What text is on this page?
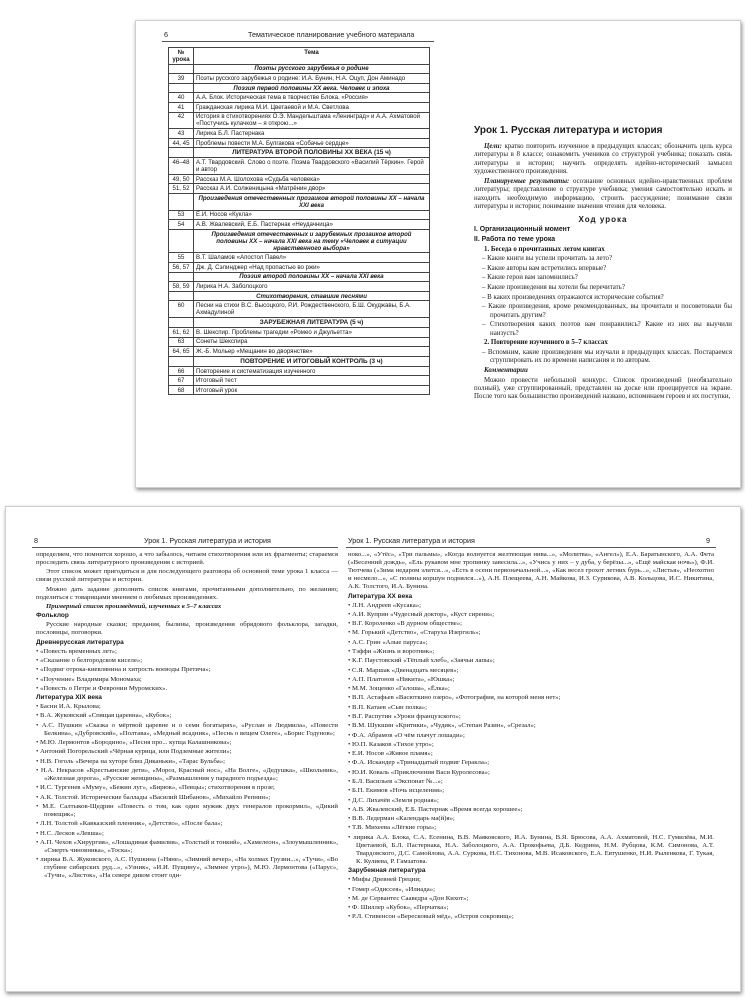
6	Тематическое планирование учебного материала
№ урока	Тема
	Поэты русского зарубежья о родине
39	Поэты русского зарубежья о родине: И.А. Бунин, Н.А. Оцуп, Дон Аминадо
	Поэзия первой половины XX века. Человек и эпоха
40	А.А. Блок. Историческая тема в творчестве Блока. «Россия»
41	Гражданская лирика М.И. Цветаевой и М.А. Светлова
42	История в стихотворениях О.Э. Мандельштама «Ленинград» и А.А. Ахматовой «Постучись кулачком – я открою...»
43	Лирика Б.Л. Пастернака
44, 45	Проблемы повести М.А. Булгакова «Собачье сердце»
	ЛИТЕРАТУРА ВТОРОЙ ПОЛОВИНЫ XX ВЕКА (15 ч)
46–48	А.Т. Твардовский. Слово о поэте. Поэма Твардовского «Василий Тёркин». Герой и автор
49, 50	Рассказ М.А. Шолохова «Судьба человека»
51, 52	Рассказ А.И. Солженицына «Матрёнин двор»
	Произведения отечественных прозаиков второй половины XX – начала XXI века
53	Е.И. Носов «Кукла»
54	А.В. Жвалевский, Е.Б. Пастернак «Неудачница»
	Произведения отечественных и зарубежных прозаиков второй половины XX – начала XXI века на тему «Человек в ситуации нравственного выбора»
55	В.Т. Шаламов «Апостол Павел»
56, 57	Дж. Д. Сэлинджер «Над пропастью во ржи»
	Поэзия второй половины XX – начала XXI века
58, 59	Лирика Н.А. Заболоцкого
	Стихотворения, ставшие песнями
60	Песни на стихи В.С. Высоцкого, Р.И. Рождественского, Б.Ш. Окуджавы, Б.А. Ахмадулиной
	ЗАРУБЕЖНАЯ ЛИТЕРАТУРА (5 ч)
61, 62	В. Шекспир. Проблемы трагедии «Ромео и Джульетта»
63	Сонеты Шекспира
64, 65	Ж.-Б. Мольер «Мещанин во дворянстве»
	ПОВТОРЕНИЕ И ИТОГОВЫЙ КОНТРОЛЬ (3 ч)
66	Повторение и систематизация изученного
67	Итоговый тест
68	Итоговый урок
Урок 1. Русская литература и история

Цели: кратко повторить изученное в предыдущих классах; обозначить цель курса литературы в 8 классе; ознакомить учеников со структурой учебника; показать связь литературы и истории; научить определять идейно-исторический замысел художественного произведения.

Планируемые результаты: осознание основных идейно-нравственных проблем литературы; представление о структуре учебника; умения самостоятельно искать и находить необходимую информацию, строить рассуждение; понимание связи литературы и истории; понимание значения чтения для человека.

Ход урока

I. Организационный момент

II. Работа по теме урока

1. Беседа о прочитанных летом книгах

– Какие книги вы успели прочитать за лето?

– Какие авторы вам встретились впервые?

– Какие герои вам запомнились?

– Какие произведения вы хотели бы перечитать?

– В каких произведениях отражаются исторические события?

– Какие произведения, кроме рекомендованных, вы прочитали и посоветовали бы прочитать другим?

– Стихотворения каких поэтов вам понравились? Какие из них вы выучили наизусть?

2. Повторение изученного в 5–7 классах

– Вспомним, какие произведения мы изучали в предыдущих классах. Постараемся сгруппировать их по времени написания и по авторам.

Комментарии

Можно провести небольшой конкурс. Список произведений (необязательно полный), уже сгруппированный, представлен на доске или проецируется на экране. После того как большинство произведений названо, вспоминаем героев и их поступки,

8	Урок 1. Русская литература и история

определяем, что помнится хорошо, а что забылось, читаем стихотворения или их фрагменты; стараемся проследить связь литературного произведения с историей.

Этот список может пригодиться и для последующего разговора об основной теме урока 1 класса — связи русской литературы и истории.

Можно дать задание дополнить список книгами, прочитанными дополнительно, по желанию; поделиться с товарищами мнением о любимых произведениях.

Примерный список произведений, изученных в 5–7 классах

Фольклор

Русские народные сказки; предания, былины, произведения обрядового фольклора, загадки, пословицы, поговорки.

Древнерусская литература

• «Повесть временных лет»;

• «Сказание о белгородском киселе»;

• «Подвиг отрока-киевлянина и хитрость воеводы Претича»;

• «Поучение» Владимира Мономаха;

• «Повесть о Петре и Февронии Муромских».

Литература XIX века

• Басни И.А. Крылова;

• В.А. Жуковский «Спящая царевна», «Кубок»;

• А.С. Пушкин «Сказка о мёртвой царевне и о семи богатырях», «Руслан и Людмила», «Повести Белкина», «Дубровский», «Полтава», «Медный всадник», «Песнь о вещем Олеге», «Борис Годунов»;

• М.Ю. Лермонтов «Бородино», «Песня про... купца Калашникова»;

• Антоний Погорельский «Чёрная курица, или Подземные жители»;

• Н.В. Гоголь «Вечера на хуторе близ Диканьки», «Тарас Бульба»;

• Н.А. Некрасов «Крестьянские дети», «Мороз, Красный нос», «На Волге», «Дедушка», «Школьник», «Железная дорога», «Русские женщины», «Размышления у парадного подъезда»;

• И.С. Тургенев «Муму», «Бежин луг», «Бирюк», «Певцы»; стихотворения в прозе;

• А.К. Толстой. Исторические баллады «Василий Шибанов», «Михайло Репнин»;

• М.Е. Салтыков-Щедрин «Повесть о том, как один мужик двух генералов прокормил», «Дикий помещик»;

• Л.Н. Толстой «Кавказский пленник», «Детство», «После бала»;

• Н.С. Лесков «Левша»;

• А.П. Чехов «Хирургия», «Лошадиная фамилия», «Толстый и тонкий», «Хамелеон», «Злоумышленник», «Смерть чиновника», «Тоска»;

• лирика В.А. Жуковского, А.С. Пушкина («Няне», «Зимний вечер», «На холмах Грузии...», «Тучи», «Во глубине сибирских руд...», «Узник», «И.И. Пущину», «Зимнее утро»), М.Ю. Лермонтова («Парус», «Тучи», «Листок», «На севере диком стоит оди-

Урок 1. Русская литература и история	9

ноко...», «Утёс», «Три пальмы», «Когда волнуется желтеющая нива...», «Молитва», «Ангел»), Е.А. Баратынского, А.А. Фета («Весенний дождь», «Ель рукавом мне тропинку завесила...», «Учись у них – у дуба, у берёзы...», «Ещё майская ночь»), Ф.И. Тютчева («Зима недаром злится...», «Есть в осени первоначальной...», «Как весел грохот летних бурь...», «Листья», «Неохотно и несмело...», «С поляны коршун поднялся...»), А.Н. Плещеева, А.Н. Майкова, И.З. Сурикова, А.В. Кольцова, И.С. Никитина, А.К. Толстого, И.А. Бунина.

Литература XX века

• Л.Н. Андреев «Кусака»;

• А.И. Куприн «Чудесный доктор», «Куст сирени»;

• В.Г. Короленко «В дурном обществе»;

• М. Горький «Детство», «Старуха Изергиль»;

• А.С. Грин «Алые паруса»;

• Тэффи «Жизнь и воротник»;

• К.Г. Паустовский «Тёплый хлеб», «Заячьи лапы»;

• С.Я. Маршак «Двенадцать месяцев»;

• А.П. Платонов «Никита», «Юшка»;

• М.М. Зощенко «Галоша», «Ёлка»;

• В.П. Астафьев «Васюткино озеро», «Фотография, на которой меня нет»;

• В.П. Катаев «Сын полка»;

• В.Г. Распутин «Уроки французского»;

• В.М. Шукшин «Критики», «Чудик», «Степан Разин», «Срезал»;

• Ф.А. Абрамов «О чём плачут лошади»;

• Ю.П. Казаков «Тихое утро»;

• Е.И. Носов «Живое пламя»;

• Ф.А. Искандер «Тринадцатый подвиг Геракла»;

• Ю.И. Коваль «Приключения Васи Куролесова»;

• Б.Л. Васильев «Экспонат №...»;

• Б.П. Екимов «Ночь исцеления»;

• Д.С. Лихачёв «Земля родная»;

• А.В. Жвалевский, Е.Б. Пастернак «Время всегда хорошее»;

• В.В. Ледерман «Календарь ма(й)я»;

• Т.В. Михеева «Лёгкие горы»;

• лирика А.А. Блока, С.А. Есенина, В.В. Маяковского, И.А. Бунина, В.Я. Брюсова, А.А. Ахматовой, Н.С. Гумилёва, М.И. Цветаевой, Б.Л. Пастернака, Н.А. Заболоцкого, А.А. Прокофьева, Д.Б. Кедрина, Н.М. Рубцова, К.М. Симонова, А.Т. Твардовского, Д.С. Самойлова, А.А. Суркова, Н.С. Тихонова, М.В. Исаковского, Е.А. Евтушенко, Н.И. Рыленкова, Г. Тукая, К. Кулиева, Р. Гамзатова.

Зарубежная литература

• Мифы Древней Греции;

• Гомер «Одиссея», «Илиада»;

• М. де Сервантес Сааведра «Дон Кихот»;

• Ф. Шиллер «Кубок», «Перчатка»;

• Р.Л. Стивенсон «Вересковый мёд», «Остров сокровищ»;
